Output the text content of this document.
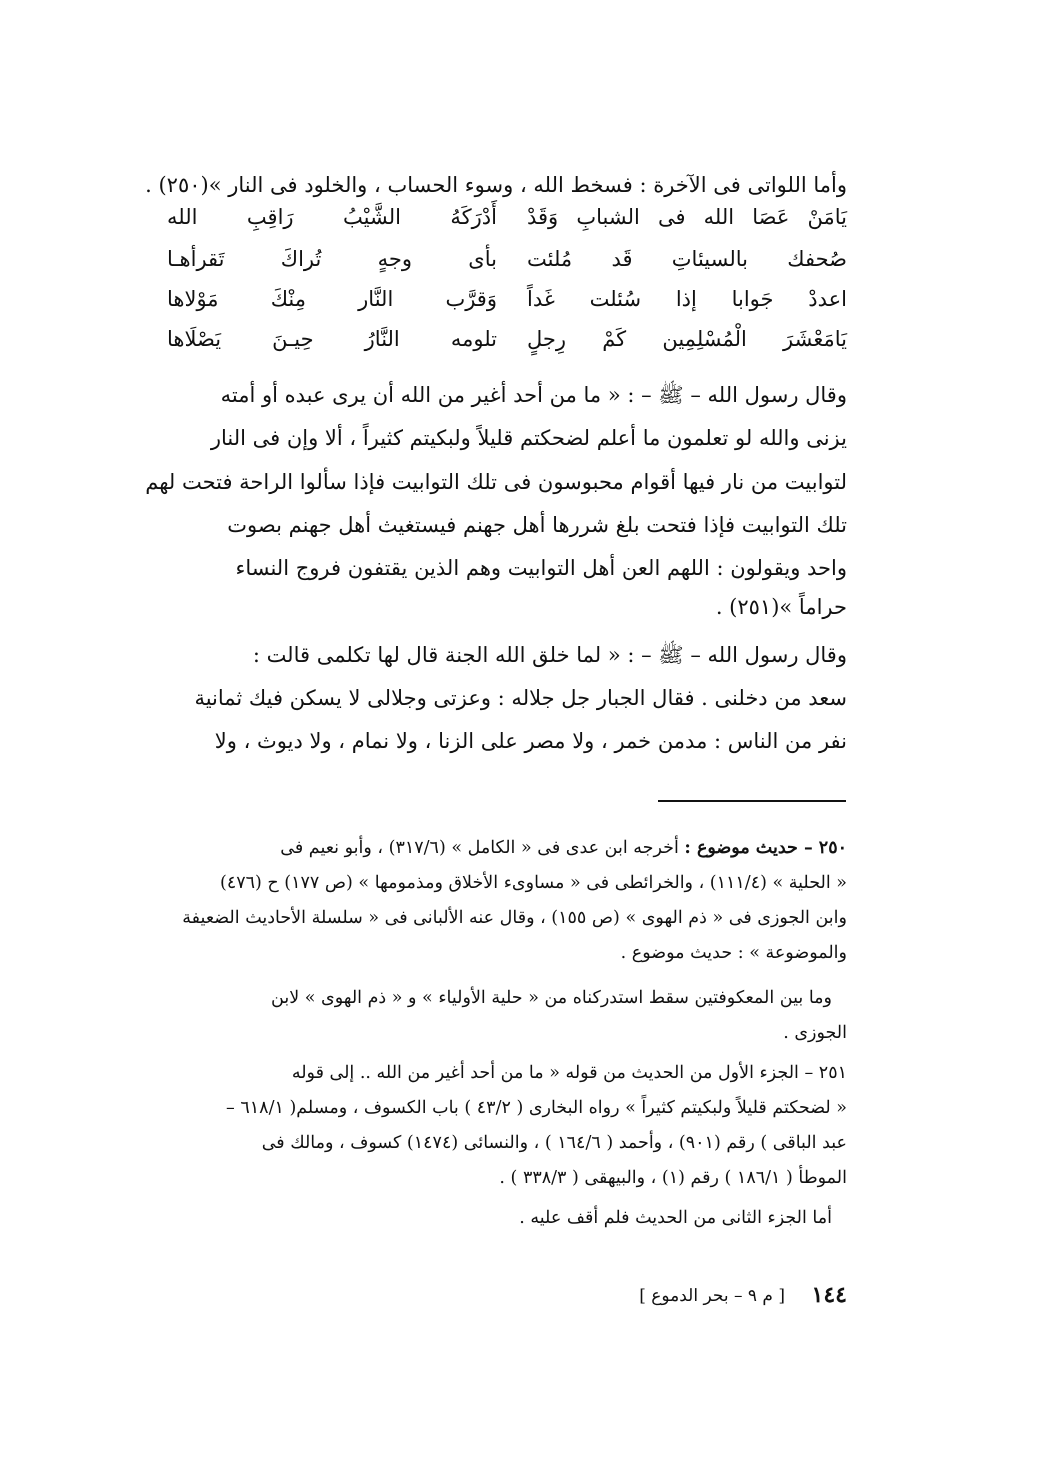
وأما اللواتى فى الآخرة : فسخط الله ، وسوء الحساب ، والخلود فى النار »(٢٥٠) .
يَامَنْ عَصَا الله فى الشبابِ وَقَدْ
أَدْرَكَهُ الشَّيْبُ رَاقِبِ الله
صُحفك بالسيئاتِ قَد مُلئت
بأى وجهٍ تُراكَ تَقرأهـا
اعددْ جَوابا إذا سُئلت غَداً
وَقرَّب النَّار مِنْكَ مَوْلاها
يَامَعْشَرَ الْمُسْلِمِين كَمْ رِجلٍ
تلومه النَّارُ حِيـنَ يَصْلَاها
وقال رسول الله – ﷺ – : « ما من أحد أغير من الله أن يرى عبده أو أمته
يزنى والله لو تعلمون ما أعلم لضحكتم قليلاً ولبكيتم كثيراً ، ألا وإن فى النار
لتوابيت من نار فيها أقوام محبوسون فى تلك التوابيت فإذا سألوا الراحة فتحت لهم
تلك التوابيت فإذا فتحت بلغ شررها أهل جهنم فيستغيث أهل جهنم بصوت
واحد ويقولون : اللهم العن أهل التوابيت وهم الذين يقتفون فروج النساء
حراماً »(٢٥١) .
وقال رسول الله – ﷺ – : « لما خلق الله الجنة قال لها تكلمى قالت :
سعد من دخلنى . فقال الجبار جل جلاله : وعزتى وجلالى لا يسكن فيك ثمانية
نفر من الناس : مدمن خمر ، ولا مصر على الزنا ، ولا نمام ، ولا ديوث ، ولا
٢٥٠ – حديث موضوع : أخرجه ابن عدى فى « الكامل » (٣١٧/٦) ، وأبو نعيم فى
« الحلية » (١١١/٤) ، والخرائطى فى « مساوىء الأخلاق ومذمومها » (ص ١٧٧) ح (٤٧٦)
وابن الجوزى فى « ذم الهوى » (ص ١٥٥) ، وقال عنه الألبانى فى « سلسلة الأحاديث الضعيفة
والموضوعة » : حديث موضوع .
وما بين المعكوفتين سقط استدركناه من « حلية الأولياء » و « ذم الهوى » لابن
الجوزى .
٢٥١ – الجزء الأول من الحديث من قوله « ما من أحد أغير من الله .. إلى قوله
« لضحكتم قليلاً ولبكيتم كثيراً » رواه البخارى ( ٤٣/٢ ) باب الكسوف ، ومسلم( ٦١٨/١ –
عبد الباقى ) رقم (٩٠١) ، وأحمد ( ١٦٤/٦ ) ، والنسائى (١٤٧٤) كسوف ، ومالك فى
الموطأ ( ١٨٦/١ ) رقم (١) ، والبيهقى ( ٣٣٨/٣ ) .
أما الجزء الثانى من الحديث فلم أقف عليه .
١٤٤
[ م ٩ – بحر الدموع ]
